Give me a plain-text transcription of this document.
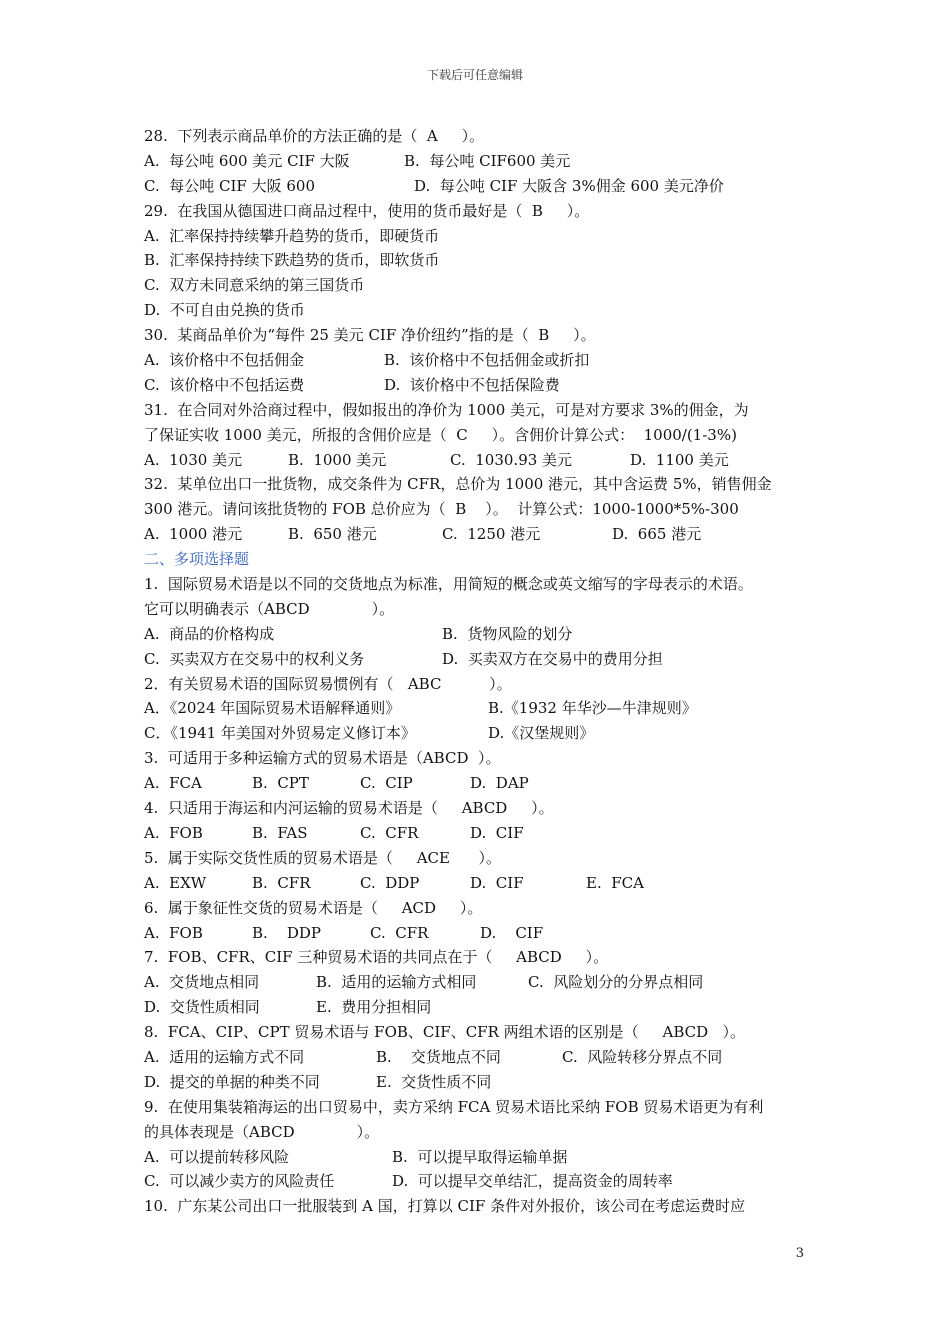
下载后可任意编辑
28.  下列表示商品单价的方法正确的是（  A     ）。
A.  每公吨 600 美元 CIF 大阪	B.  每公吨 CIF600 美元
C.  每公吨 CIF 大阪 600	D.  每公吨 CIF 大阪含 3%佣金 600 美元净价
29.  在我国从德国进口商品过程中，使用的货币最好是（  B     ）。
A.  汇率保持持续攀升趋势的货币，即硬货币
B.  汇率保持持续下跌趋势的货币，即软货币
C.  双方未同意采纳的第三国货币
D.  不可自由兑换的货币
30.  某商品单价为“每件 25 美元 CIF 净价纽约”指的是（  B     ）。
A.  该价格中不包括佣金	B.  该价格中不包括佣金或折扣
C.  该价格中不包括运费	D.  该价格中不包括保险费
31.  在合同对外洽商过程中，假如报出的净价为 1000 美元，可是对方要求 3%的佣金，为
了保证实收 1000 美元，所报的含佣价应是（  C     ）。含佣价计算公式：  1000/(1-3%)
A.  1030 美元	B.  1000 美元	C.  1030.93 美元	D.  1100 美元
32.  某单位出口一批货物，成交条件为 CFR，总价为 1000 港元，其中含运费 5%，销售佣金
300 港元。请问该批货物的 FOB 总价应为（  B    ）。  计算公式：1000-1000*5%-300
A.  1000 港元	B.  650 港元	C.  1250 港元	D.  665 港元
二、多项选择题
1.  国际贸易术语是以不同的交货地点为标准，用简短的概念或英文缩写的字母表示的术语。
它可以明确表示（ABCD             ）。
A.  商品的价格构成	B.  货物风险的划分
C.  买卖双方在交易中的权利义务	D.  买卖双方在交易中的费用分担
2．有关贸易术语的国际贸易惯例有（   ABC          ）。
A．《2024 年国际贸易术语解释通则》	B.《1932 年华沙—牛津规则》
C．《1941 年美国对外贸易定义修订本》	D.《汉堡规则》
3.  可适用于多种运输方式的贸易术语是（ABCD  ）。
A.  FCA	B.  CPT	C.  CIP	D.  DAP
4.  只适用于海运和内河运输的贸易术语是（     ABCD     ）。
A.  FOB	B.  FAS	C.  CFR	D.  CIF
5.  属于实际交货性质的贸易术语是（     ACE      ）。
A.  EXW	B.  CFR	C.  DDP	D.  CIF	E.  FCA
6.  属于象征性交货的贸易术语是（     ACD     ）。
A.  FOB	B.    DDP	C.  CFR	D.    CIF
7.  FOB、CFR、CIF 三种贸易术语的共同点在于（     ABCD     ）。
A.  交货地点相同	B.  适用的运输方式相同	C.  风险划分的分界点相同
D.  交货性质相同	E.  费用分担相同
8.  FCA、CIP、CPT 贸易术语与 FOB、CIF、CFR 两组术语的区别是（     ABCD   ）。
A.  适用的运输方式不同	B.    交货地点不同	C.  风险转移分界点不同
D.  提交的单据的种类不同	E.  交货性质不同
9.  在使用集装箱海运的出口贸易中，卖方采纳 FCA 贸易术语比采纳 FOB 贸易术语更为有利
的具体表现是（ABCD             ）。
A.  可以提前转移风险	B.  可以提早取得运输单据
C.  可以减少卖方的风险责任	D.  可以提早交单结汇，提高资金的周转率
10.  广东某公司出口一批服装到 A 国，打算以 CIF 条件对外报价，该公司在考虑运费时应
3
